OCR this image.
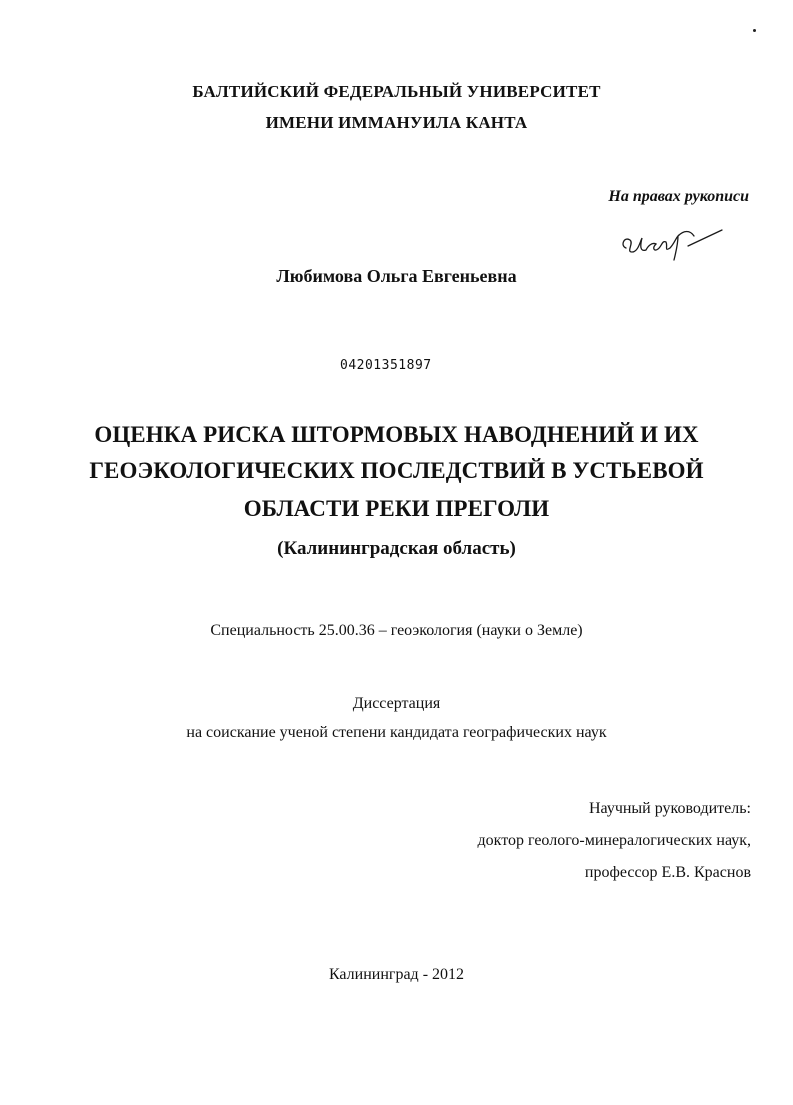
БАЛТИЙСКИЙ ФЕДЕРАЛЬНЫЙ УНИВЕРСИТЕТ
ИМЕНИ ИММАНУИЛА КАНТА
На правах рукописи
Любимова Ольга Евгеньевна
04201351897
ОЦЕНКА РИСКА ШТОРМОВЫХ НАВОДНЕНИЙ И ИХ
ГЕОЭКОЛОГИЧЕСКИХ ПОСЛЕДСТВИЙ В УСТЬЕВОЙ
ОБЛАСТИ РЕКИ ПРЕГОЛИ
(Калининградская область)
Специальность 25.00.36 – геоэкология (науки о Земле)
Диссертация
на соискание ученой степени кандидата географических наук
Научный руководитель:
доктор геолого-минералогических наук,
профессор Е.В. Краснов
Калининград - 2012
